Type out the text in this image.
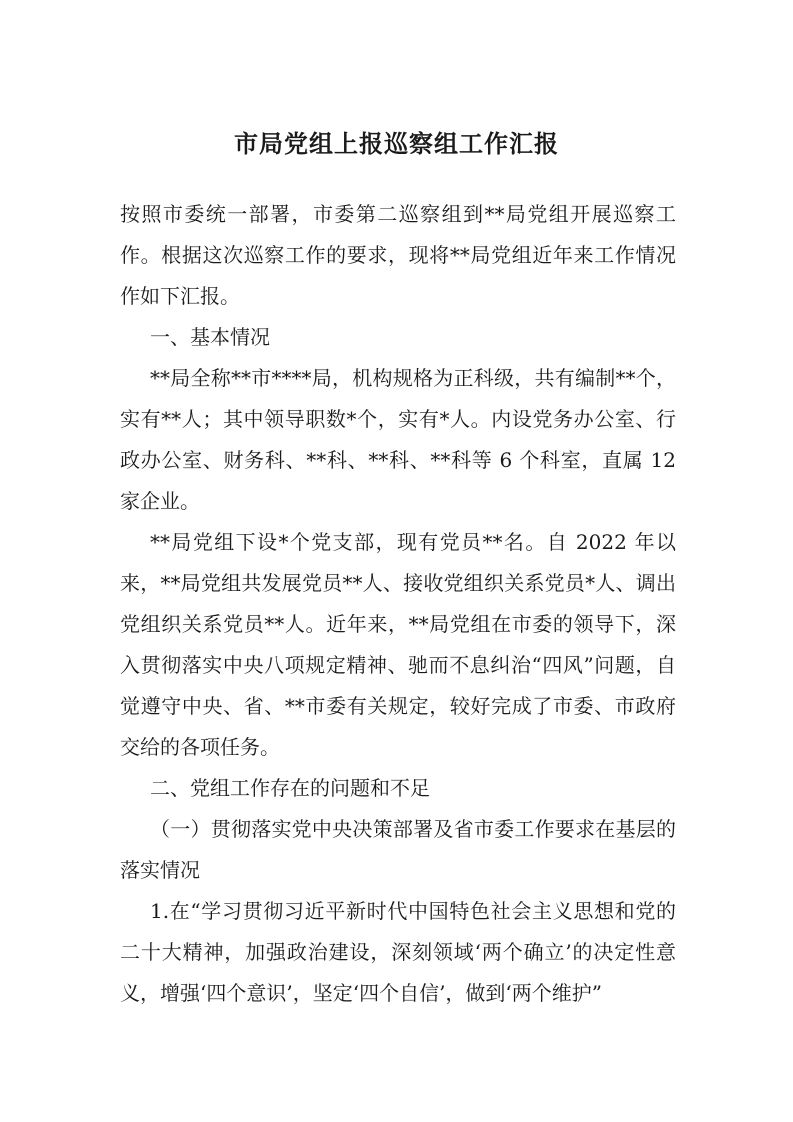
市局党组上报巡察组工作汇报

按照市委统一部署，市委第二巡察组到**局党组开展巡察工作。根据这次巡察工作的要求，现将**局党组近年来工作情况作如下汇报。

一、基本情况

**局全称**市****局，机构规格为正科级，共有编制**个，实有**人；其中领导职数*个，实有*人。内设党务办公室、行政办公室、财务科、**科、**科、**科等 6 个科室，直属 12 家企业。

**局党组下设*个党支部，现有党员**名。自 2022 年以来，**局党组共发展党员**人、接收党组织关系党员*人、调出党组织关系党员**人。近年来，**局党组在市委的领导下，深入贯彻落实中央八项规定精神、驰而不息纠治“四风”问题，自觉遵守中央、省、**市委有关规定，较好完成了市委、市政府交给的各项任务。

二、党组工作存在的问题和不足

（一）贯彻落实党中央决策部署及省市委工作要求在基层的落实情况

1.在“学习贯彻习近平新时代中国特色社会主义思想和党的二十大精神，加强政治建设，深刻领域‘两个确立’的决定性意义，增强‘四个意识’，坚定‘四个自信’，做到‘两个维护”
